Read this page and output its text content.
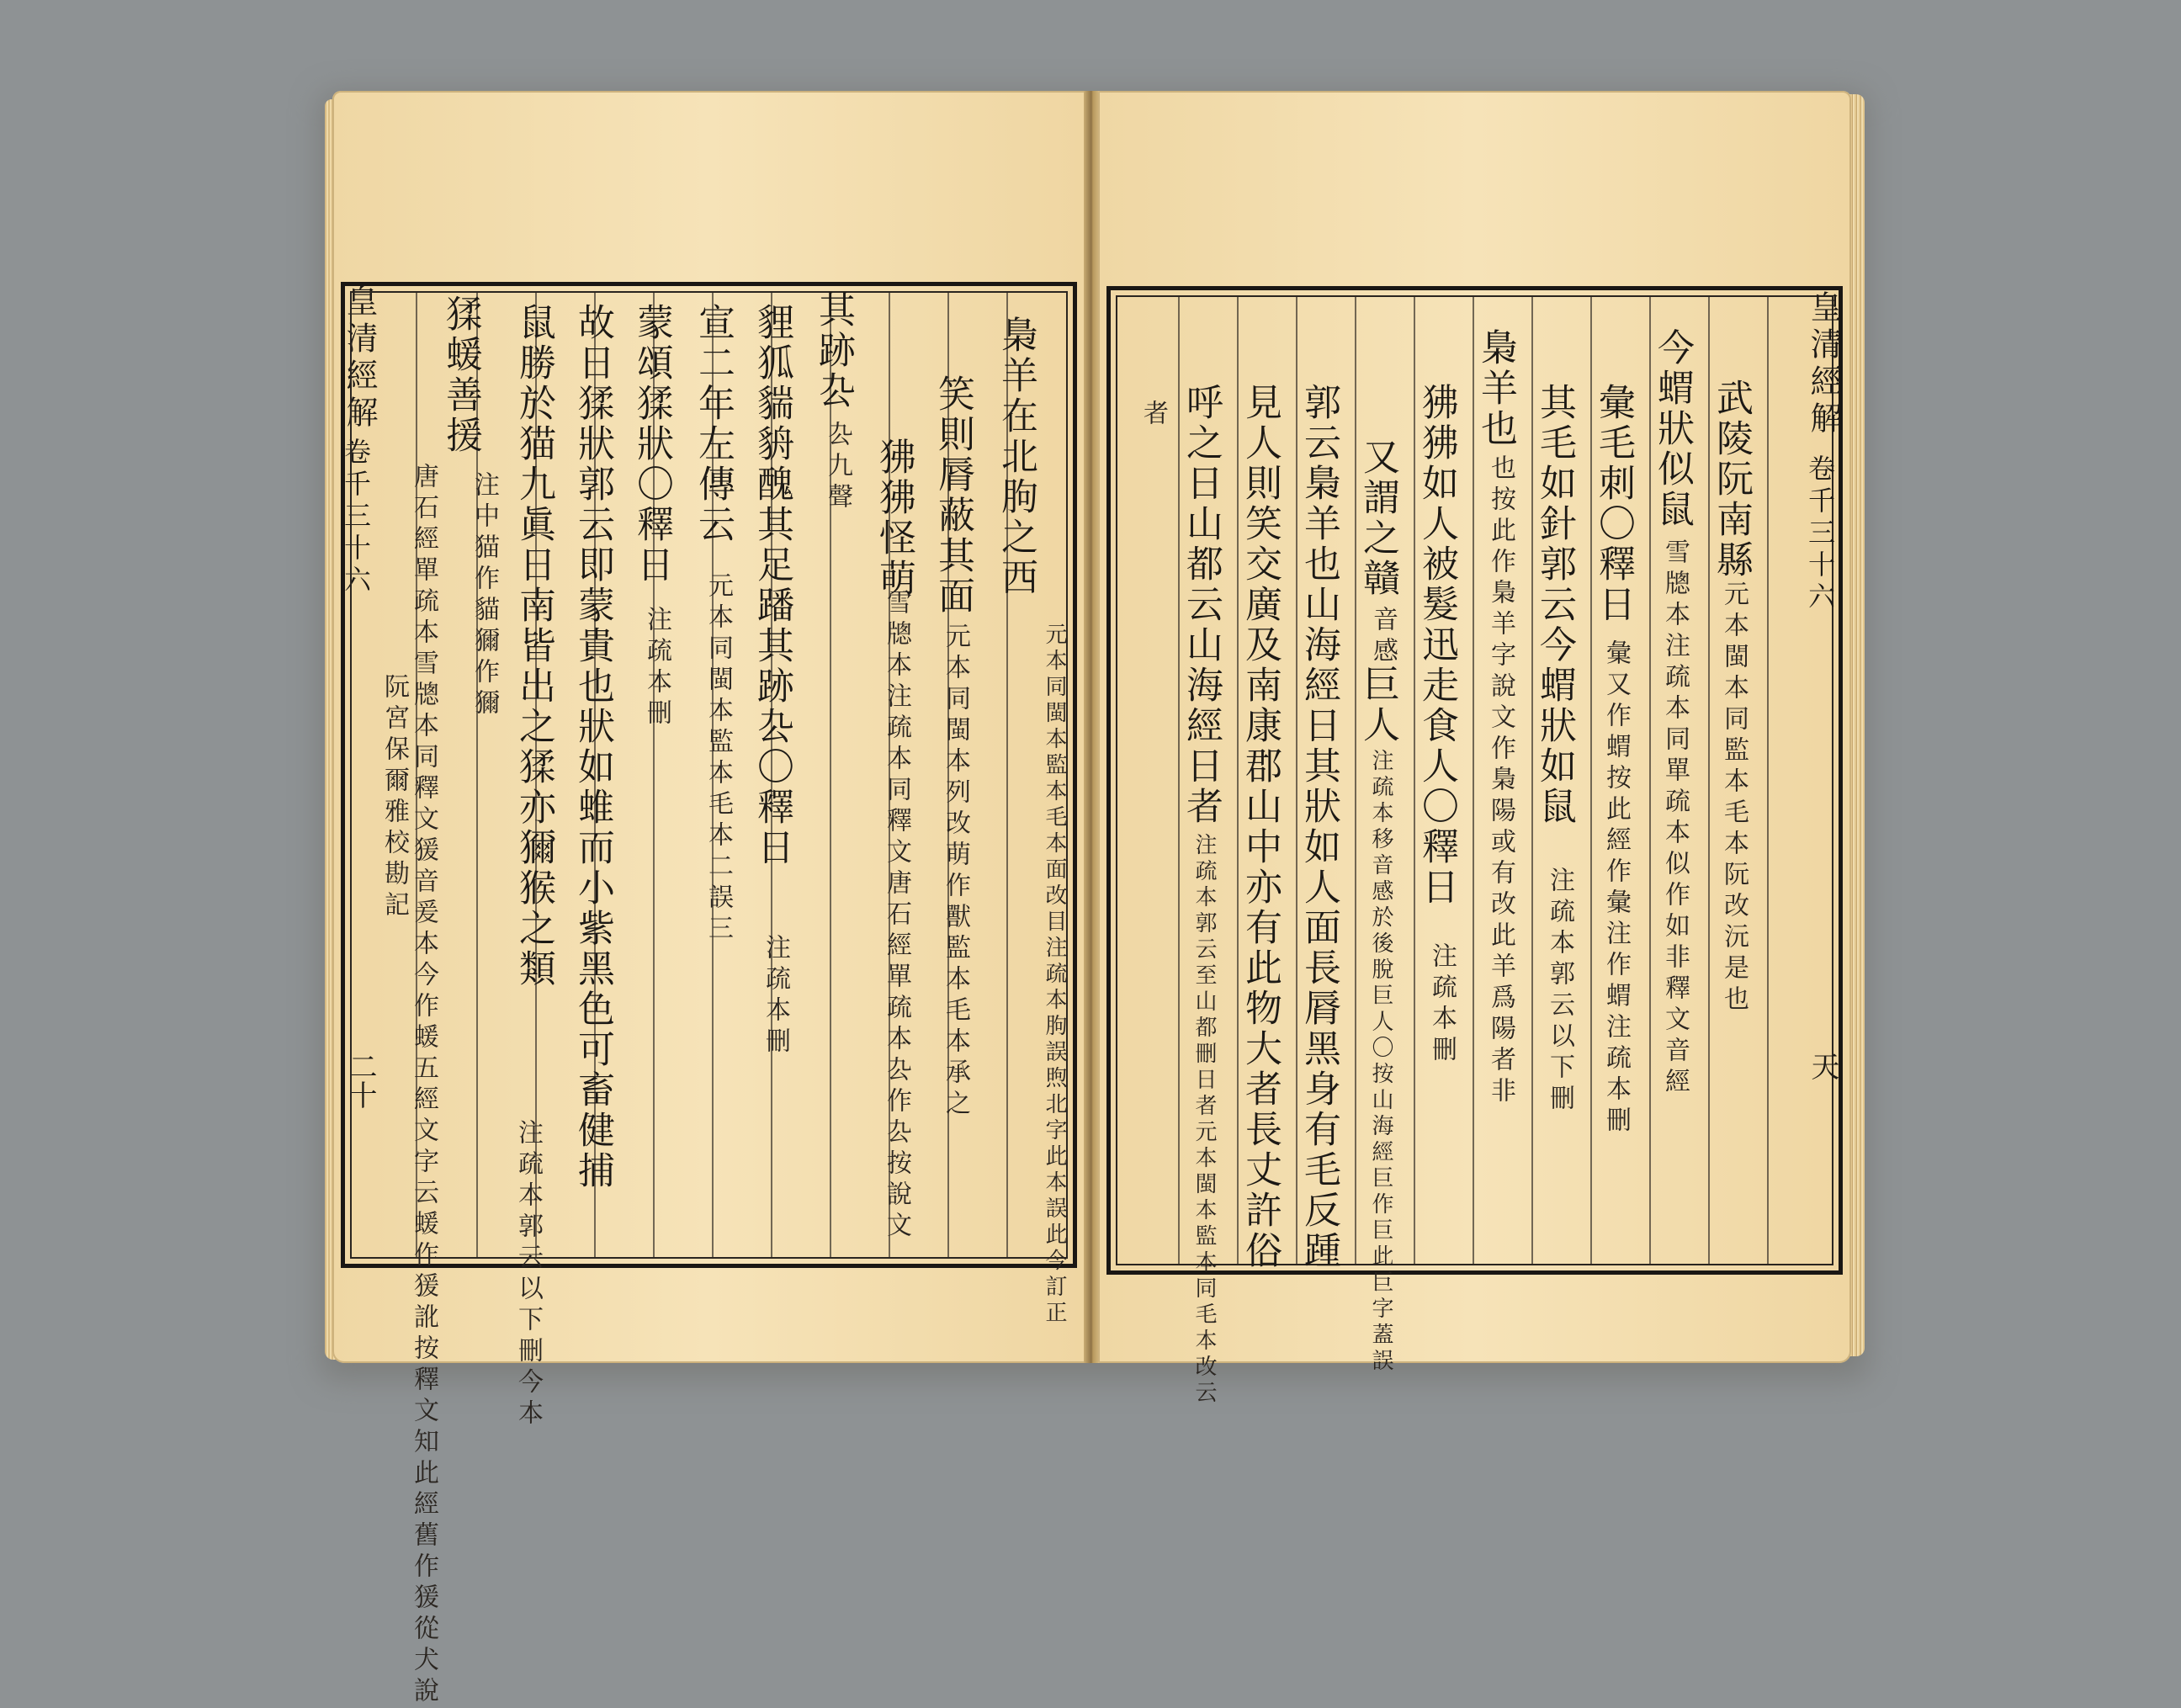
皇清經解
卷千三十六
阮宮保爾雅校勘記
二十
猱蝯善援
唐石經單疏本雪牕本同釋文猨音爰本今作蝯五經文字云蝯作猨訛按釋文知此經舊作猨從犬說 注中猫作貓獮作獮 鼠勝於猫九眞日南皆出之猱亦獮猴之類
注疏本郭云以下刪今本
故日猱狀郭云即蒙貴也狀如蜼而小紫黑色可畜健捕 蒙頌猱狀〇釋日
注疏本刪
宣二年左傳云
元本同閩本監本毛本二誤三 貍狐貒貈醜其足蹯其跡厹〇釋日
注疏本刪
其跡厹
厹九聲 狒狒怪萌
雪牕本注疏本同釋文唐石經單疏本厹作厹按說文
笑則脣蔽其面
元本同閩本列改萌作獸監本毛本承之
梟羊在北朐之西
元本同閩本監本毛本面改目注疏本朐誤煦北字此本誤此今訂正
皇清經解
卷千三十六
天
武陵阮南縣
元本閩本同監本毛本阮改沅是也
今蝟狀似鼠
雪牕本注疏本同單疏本似作如非釋文音經
彙毛刺〇釋日
彙又作蝟按此經作彙注作蝟注疏本刪
其毛如針郭云今蝟狀如鼠
注疏本郭云以下刪
梟羊也
也按此作梟羊字說文作梟陽或有改此羊爲陽者非
狒狒如人被髮迅走食人〇釋日
注疏本刪
又謂之贛
音感
巨人
注疏本移音感於後脫巨人〇按山海經巨作巨此巨字蓋誤
郭云梟羊也山海經日其狀如人面長脣黑身有毛反踵
見人則笑交廣及南康郡山中亦有此物大者長丈許俗
呼之日山都云山海經日者
注疏本郭云至山都刪日者元本閩本監本同毛本改云
者
